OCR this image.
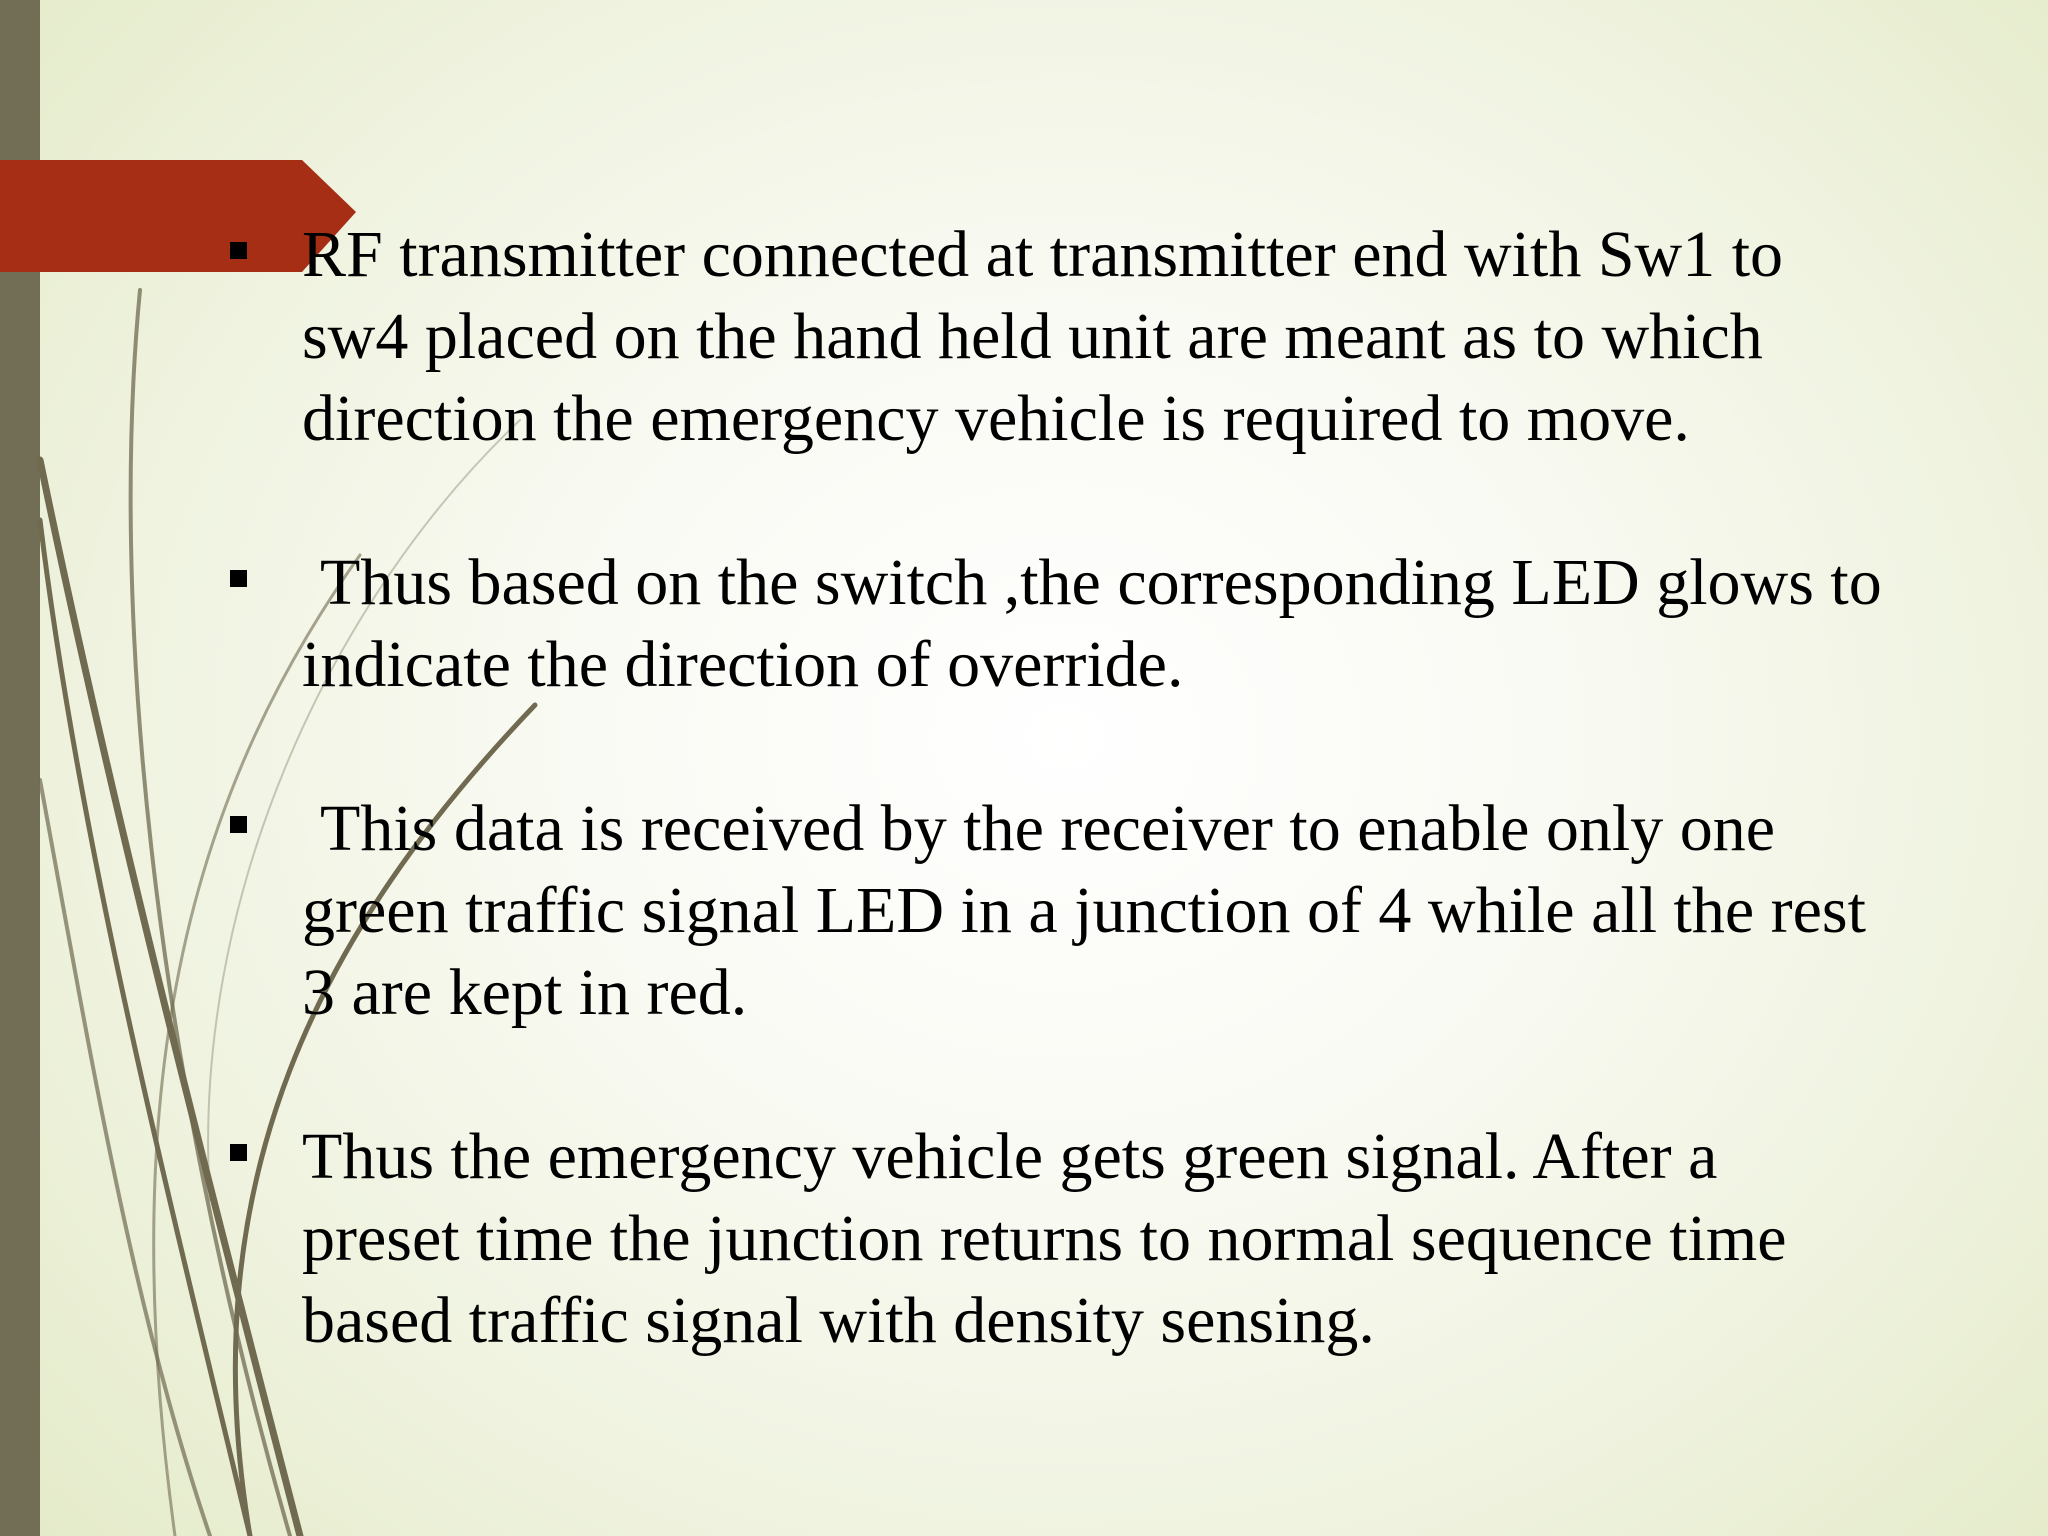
RF transmitter connected at transmitter end with Sw1 to sw4 placed on the hand held unit are meant as to which direction the emergency vehicle is required to move.

Thus based on the switch ,the corresponding LED glows to indicate the direction of override.

This data is received by the receiver to enable only one green traffic signal LED in a junction of 4 while all the rest 3 are kept in red.

Thus the emergency vehicle gets green signal. After a preset time the junction returns to normal sequence time based traffic signal with density sensing.
